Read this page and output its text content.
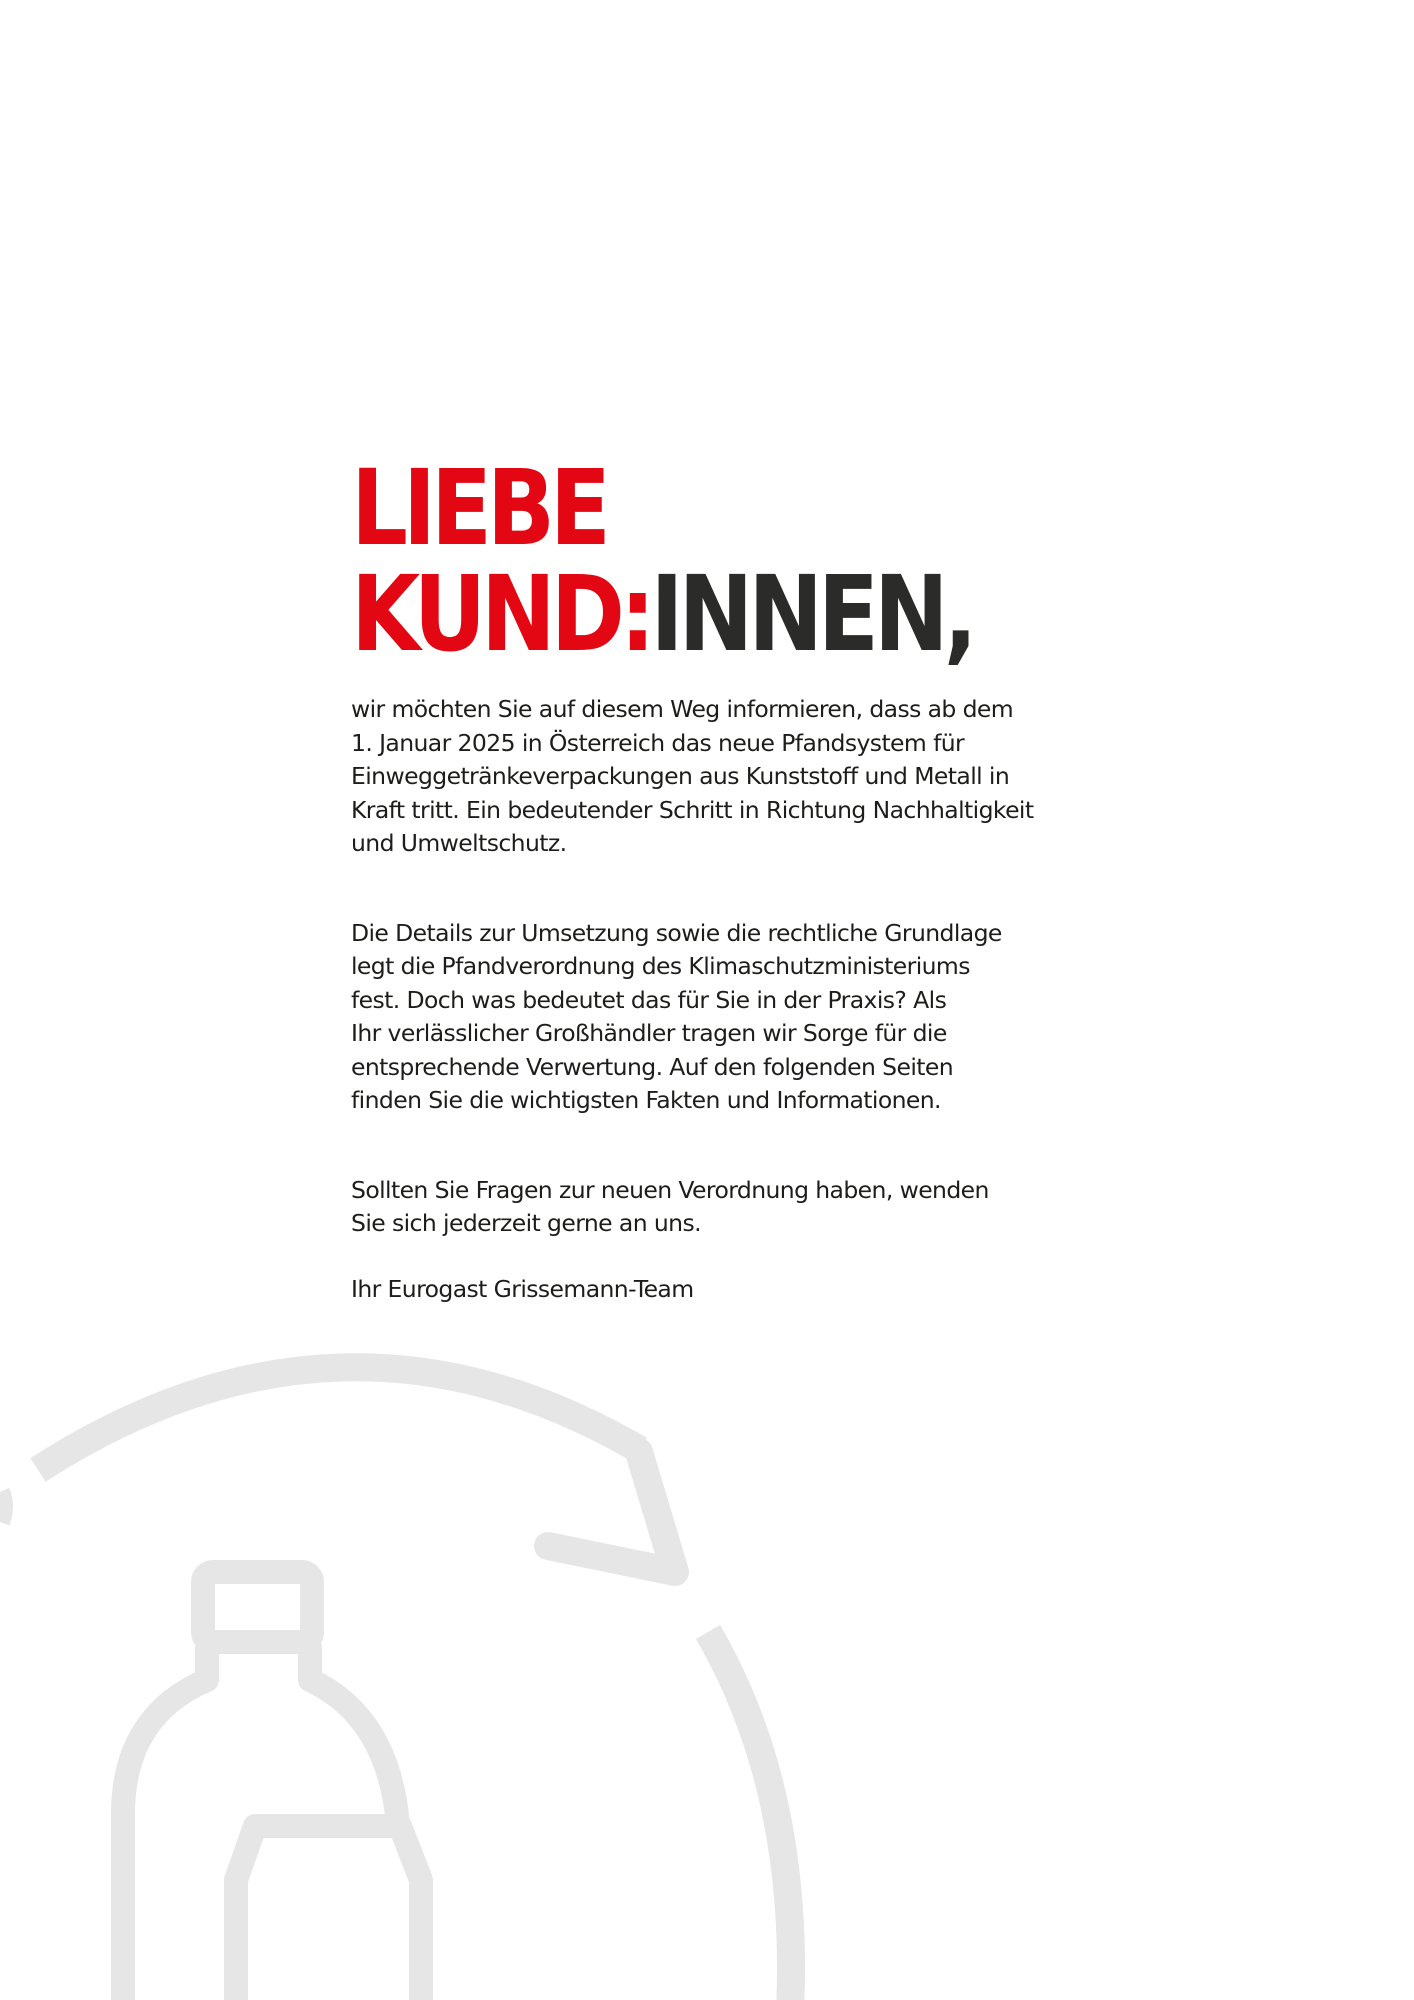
LIEBE
KUND:INNEN,

wir möchten Sie auf diesem Weg informieren, dass ab dem
1. Januar 2025 in Österreich das neue Pfandsystem für
Einweggetränkeverpackungen aus Kunststoff und Metall in
Kraft tritt. Ein bedeutender Schritt in Richtung Nachhaltigkeit
und Umweltschutz.

Die Details zur Umsetzung sowie die rechtliche Grundlage
legt die Pfandverordnung des Klimaschutzministeriums
fest. Doch was bedeutet das für Sie in der Praxis? Als
Ihr verlässlicher Großhändler tragen wir Sorge für die
entsprechende Verwertung. Auf den folgenden Seiten
finden Sie die wichtigsten Fakten und Informationen.

Sollten Sie Fragen zur neuen Verordnung haben, wenden
Sie sich jederzeit gerne an uns.

Ihr Eurogast Grissemann-Team
